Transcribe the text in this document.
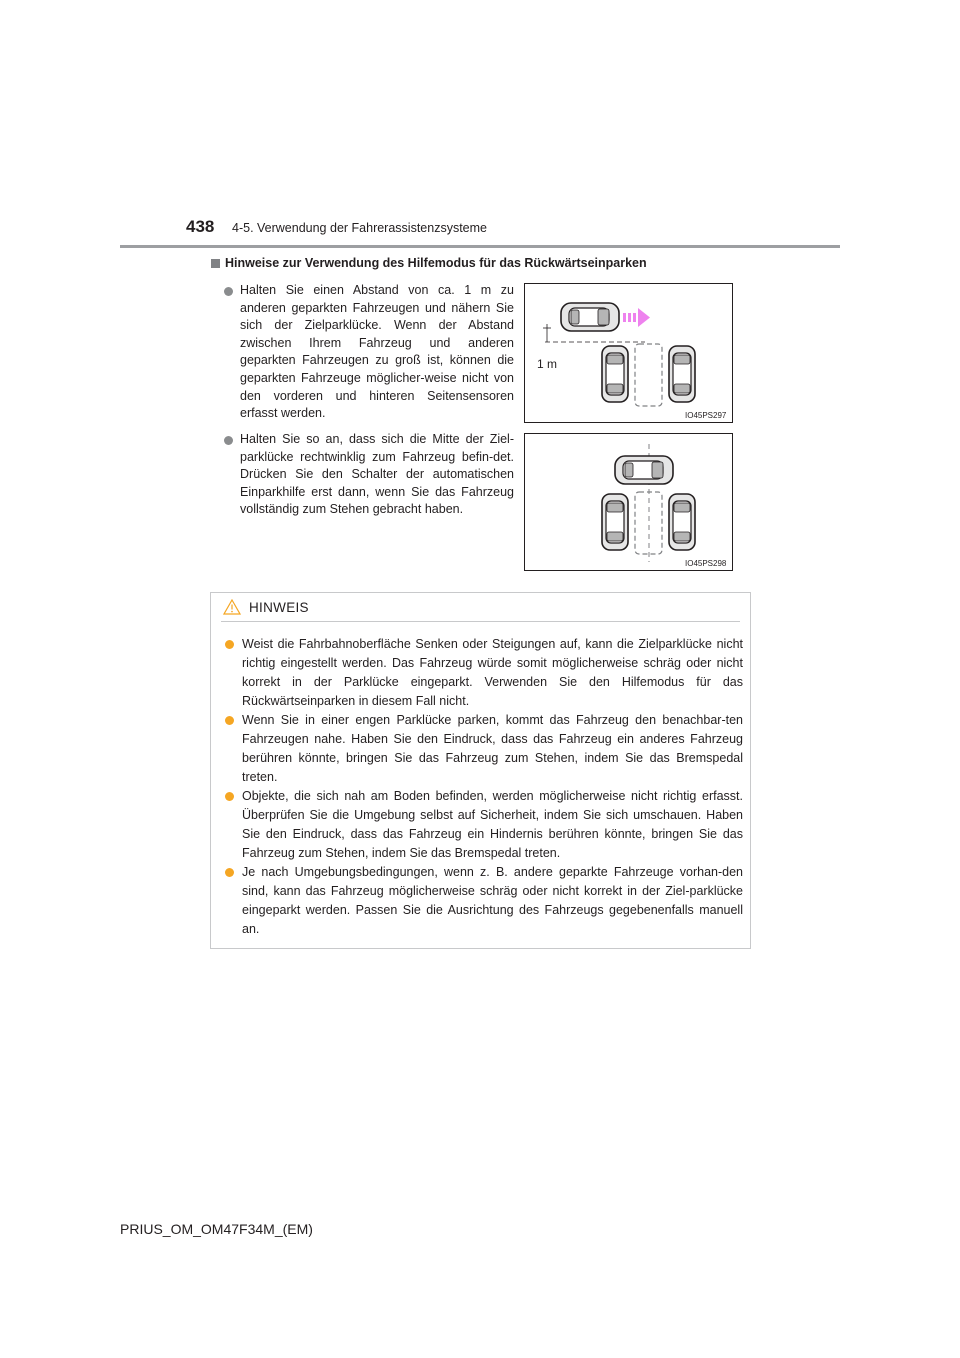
438 4-5. Verwendung der Fahrerassistenzsysteme
Hinweise zur Verwendung des Hilfemodus für das Rückwärtseinparken
Halten Sie einen Abstand von ca. 1 m zu anderen geparkten Fahrzeugen und nähern Sie sich der Zielparklücke. Wenn der Abstand zwischen Ihrem Fahrzeug und anderen geparkten Fahrzeugen zu groß ist, können die geparkten Fahrzeuge möglicher-weise nicht von den vorderen und hinteren Seitensensoren erfasst werden.
1 m
IO45PS297
Halten Sie so an, dass sich die Mitte der Ziel-parklücke rechtwinklig zum Fahrzeug befin-det. Drücken Sie den Schalter der automatischen Einparkhilfe erst dann, wenn Sie das Fahrzeug vollständig zum Stehen gebracht haben.
IO45PS298
HINWEIS
Weist die Fahrbahnoberfläche Senken oder Steigungen auf, kann die Zielparklücke nicht richtig eingestellt werden. Das Fahrzeug würde somit möglicherweise schräg oder nicht korrekt in der Parklücke eingeparkt. Verwenden Sie den Hilfemodus für das Rückwärtseinparken in diesem Fall nicht.
Wenn Sie in einer engen Parklücke parken, kommt das Fahrzeug den benachbar-ten Fahrzeugen nahe. Haben Sie den Eindruck, dass das Fahrzeug ein anderes Fahrzeug berühren könnte, bringen Sie das Fahrzeug zum Stehen, indem Sie das Bremspedal treten.
Objekte, die sich nah am Boden befinden, werden möglicherweise nicht richtig erfasst. Überprüfen Sie die Umgebung selbst auf Sicherheit, indem Sie sich umschauen. Haben Sie den Eindruck, dass das Fahrzeug ein Hindernis berühren könnte, bringen Sie das Fahrzeug zum Stehen, indem Sie das Bremspedal treten.
Je nach Umgebungsbedingungen, wenn z. B. andere geparkte Fahrzeuge vorhan-den sind, kann das Fahrzeug möglicherweise schräg oder nicht korrekt in der Ziel-parklücke eingeparkt werden. Passen Sie die Ausrichtung des Fahrzeugs gegebenenfalls manuell an.
PRIUS_OM_OM47F34M_(EM)
